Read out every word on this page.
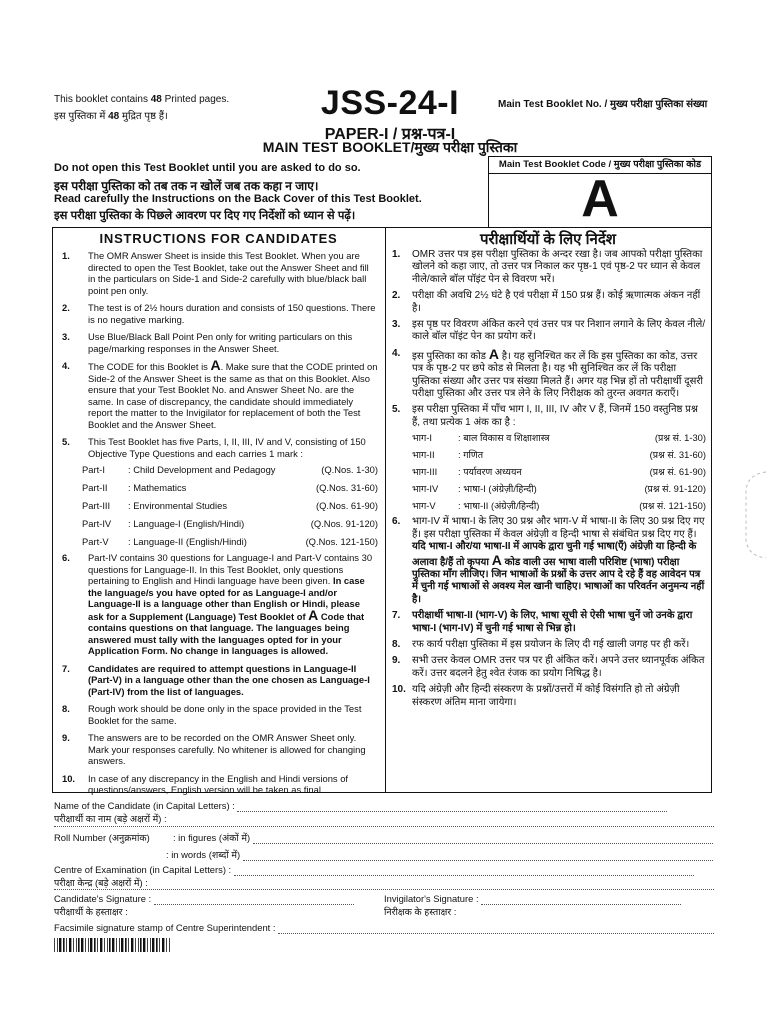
This booklet contains 48 Printed pages.
इस पुस्तिका में 48 मुद्रित पृष्ठ हैं।	JSS-24-I
PAPER-I / प्रश्न-पत्र-I
MAIN TEST BOOKLET/मुख्य परीक्षा पुस्तिका
Main Test Booklet No. / मुख्य परीक्षा पुस्तिका संख्या
Do not open this Test Booklet until you are asked to do so.
इस परीक्षा पुस्तिका को तब तक न खोलें जब तक कहा न जाए।
Read carefully the Instructions on the Back Cover of this Test Booklet.
इस परीक्षा पुस्तिका के पिछले आवरण पर दिए गए निर्देशों को ध्यान से पढ़ें।
Main Test Booklet Code / मुख्य परीक्षा पुस्तिका कोड
A
INSTRUCTIONS FOR CANDIDATES	परीक्षार्थियों के लिए निर्देश
1.	The OMR Answer Sheet is inside this Test Booklet. When you are directed to open the Test Booklet, take out the Answer Sheet and fill in the particulars on Side-1 and Side-2 carefully with blue/black ball point pen only.
2.	The test is of 2½ hours duration and consists of 150 questions. There is no negative marking.
3.	Use Blue/Black Ball Point Pen only for writing particulars on this page/marking responses in the Answer Sheet.
4.	The CODE for this Booklet is A. Make sure that the CODE printed on Side-2 of the Answer Sheet is the same as that on this Booklet. Also ensure that your Test Booklet No. and Answer Sheet No. are the same. In case of discrepancy, the candidate should immediately report the matter to the Invigilator for replacement of both the Test Booklet and the Answer Sheet.
5.	This Test Booklet has five Parts, I, II, III, IV and V, consisting of 150 Objective Type Questions and each carries 1 mark :
Part-I	: Child Development and Pedagogy	(Q.Nos. 1-30)
Part-II	: Mathematics	(Q.Nos. 31-60)
Part-III	: Environmental Studies	(Q.Nos. 61-90)
Part-IV	: Language-I (English/Hindi)	(Q.Nos. 91-120)
Part-V	: Language-II (English/Hindi)	(Q.Nos. 121-150)
6.	Part-IV contains 30 questions for Language-I and Part-V contains 30 questions for Language-II. In this Test Booklet, only questions pertaining to English and Hindi language have been given. In case the language/s you have opted for as Language-I and/or Language-II is a language other than English or Hindi, please ask for a Supplement (Language) Test Booklet of A Code that contains questions on that language. The languages being answered must tally with the languages opted for in your Application Form. No change in languages is allowed.
7.	Candidates are required to attempt questions in Language-II (Part-V) in a language other than the one chosen as Language-I (Part-IV) from the list of languages.
8.	Rough work should be done only in the space provided in the Test Booklet for the same.
9.	The answers are to be recorded on the OMR Answer Sheet only. Mark your responses carefully. No whitener is allowed for changing answers.
10.	In case of any discrepancy in the English and Hindi versions of questions/answers, English version will be taken as final.
1.	OMR उत्तर पत्र इस परीक्षा पुस्तिका के अन्दर रखा है। जब आपको परीक्षा पुस्तिका खोलने को कहा जाए, तो उत्तर पत्र निकाल कर पृष्ठ-1 एवं पृष्ठ-2 पर ध्यान से केवल नीले/काले बॉल पॉइंट पेन से विवरण भरें।
2.	परीक्षा की अवधि 2½ घंटे है एवं परीक्षा में 150 प्रश्न हैं। कोई ऋणात्मक अंकन नहीं है।
3.	इस पृष्ठ पर विवरण अंकित करने एवं उत्तर पत्र पर निशान लगाने के लिए केवल नीले/काले बॉल पॉइंट पेन का प्रयोग करें।
4.	इस पुस्तिका का कोड A है। यह सुनिश्चित कर लें कि इस पुस्तिका का कोड, उत्तर पत्र के पृष्ठ-2 पर छपे कोड से मिलता है। यह भी सुनिश्चित कर लें कि परीक्षा पुस्तिका संख्या और उत्तर पत्र संख्या मिलते हैं। अगर यह भिन्न हों तो परीक्षार्थी दूसरी परीक्षा पुस्तिका और उत्तर पत्र लेने के लिए निरीक्षक को तुरन्त अवगत कराएँ।
5.	इस परीक्षा पुस्तिका में पाँच भाग I, II, III, IV और V हैं, जिनमें 150 वस्तुनिष्ठ प्रश्न हैं, तथा प्रत्येक 1 अंक का है :
भाग-I	: बाल विकास व शिक्षाशास्त्र	(प्रश्न सं. 1-30)
भाग-II	: गणित	(प्रश्न सं. 31-60)
भाग-III	: पर्यावरण अध्ययन	(प्रश्न सं. 61-90)
भाग-IV	: भाषा-I (अंग्रेज़ी/हिन्दी)	(प्रश्न सं. 91-120)
भाग-V	: भाषा-II (अंग्रेज़ी/हिन्दी)	(प्रश्न सं. 121-150)
6.	भाग-IV में भाषा-I के लिए 30 प्रश्न और भाग-V में भाषा-II के लिए 30 प्रश्न दिए गए हैं। इस परीक्षा पुस्तिका में केवल अंग्रेज़ी व हिन्दी भाषा से संबंधित प्रश्न दिए गए हैं। यदि भाषा-I और/या भाषा-II में आपके द्वारा चुनी गई भाषा(एँ) अंग्रेज़ी या हिन्दी के अलावा है/हैं तो कृपया A कोड वाली उस भाषा वाली परिशिष्ट (भाषा) परीक्षा पुस्तिका माँग लीजिए। जिन भाषाओं के प्रश्नों के उत्तर आप दे रहे हैं वह आवेदन पत्र में चुनी गई भाषाओं से अवश्य मेल खानी चाहिए। भाषाओं का परिवर्तन अनुमन्य नहीं है।
7.	परीक्षार्थी भाषा-II (भाग-V) के लिए, भाषा सूची से ऐसी भाषा चुनें जो उनके द्वारा भाषा-I (भाग-IV) में चुनी गई भाषा से भिन्न हो।
8.	रफ कार्य परीक्षा पुस्तिका में इस प्रयोजन के लिए दी गई खाली जगह पर ही करें।
9.	सभी उत्तर केवल OMR उत्तर पत्र पर ही अंकित करें। अपने उत्तर ध्यानपूर्वक अंकित करें। उत्तर बदलने हेतु श्वेत रंजक का प्रयोग निषिद्ध है।
10. यदि अंग्रेज़ी और हिन्दी संस्करण के प्रश्नों/उत्तरों में कोई विसंगति हो तो अंग्रेज़ी संस्करण अंतिम माना जायेगा।
Name of the Candidate (in Capital Letters) :
परीक्षार्थी का नाम (बड़े अक्षरों में) :
Roll Number (अनुक्रमांक) : in figures (अंकों में)
: in words (शब्दों में)
Centre of Examination (in Capital Letters) :
परीक्षा केन्द्र (बड़े अक्षरों में) :
Candidate's Signature :
परीक्षार्थी के हस्ताक्षर :
Invigilator's Signature :
निरीक्षक के हस्ताक्षर :
Facsimile signature stamp of Centre Superintendent :
